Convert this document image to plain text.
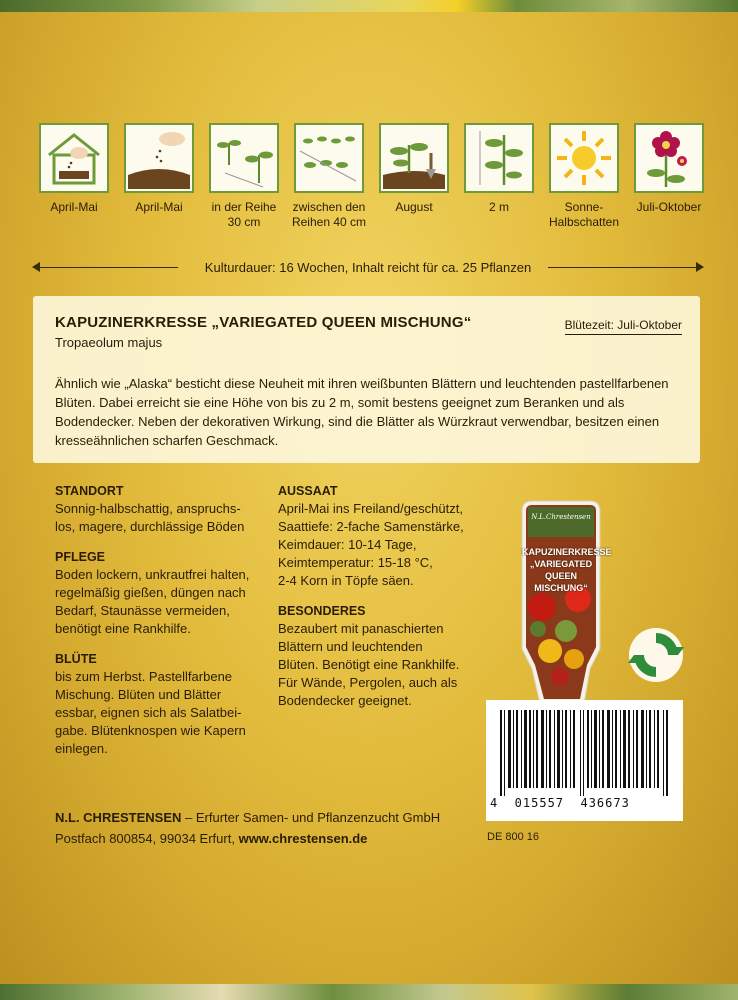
April-Mai	April-Mai	in der Reihe
30 cm
zwischen den
Reihen 40 cm
August	2 m	Sonne-
Halbschatten
Juli-Oktober
Kulturdauer: 16 Wochen, Inhalt reicht für ca. 25 Pflanzen
KAPUZINERKRESSE „VARIEGATED QUEEN MISCHUNG“
Tropaeolum majus
Blütezeit: Juli-Oktober
Ähnlich wie „Alaska“ besticht diese Neuheit mit ihren weißbunten Blättern und leuchtenden pastellfarbenen Blüten. Dabei erreicht sie eine Höhe von bis zu 2 m, somit bestens geeignet zum Beranken und als Bodendecker. Neben der dekorativen Wirkung, sind die Blätter als Würzkraut verwendbar, besitzen einen kresseähnlichen scharfen Geschmack.
STANDORT

Sonnig-halbschattig, anspruchs-
los, magere, durchlässige Böden

PFLEGE

Boden lockern, unkrautfrei halten,
regelmäßig gießen, düngen nach
Bedarf, Staunässe vermeiden,
benötigt eine Rankhilfe.

BLÜTE

bis zum Herbst. Pastellfarbene
Mischung. Blüten und Blätter
essbar, eignen sich als Salatbei-
gabe. Blütenknospen wie Kapern
einlegen.

AUSSAAT

April-Mai ins Freiland/geschützt,
Saattiefe: 2-fache Samenstärke,
Keimdauer: 10-14 Tage,
Keimtemperatur: 15-18 °C,
2-4 Korn in Töpfe säen.

BESONDERES

Bezaubert mit panaschierten
Blättern und leuchtenden
Blüten. Benötigt eine Rankhilfe.
Für Wände, Pergolen, auch als
Bodendecker geeignet.

N.L.Chrestensen
KAPUZINERKRESSE
„VARIEGATED QUEEN
MISCHUNG“
4  015557  436673
DE 800 16
N.L. CHRESTENSEN – Erfurter Samen- und Pflanzenzucht GmbH
Postfach 800854, 99034 Erfurt, www.chrestensen.de
